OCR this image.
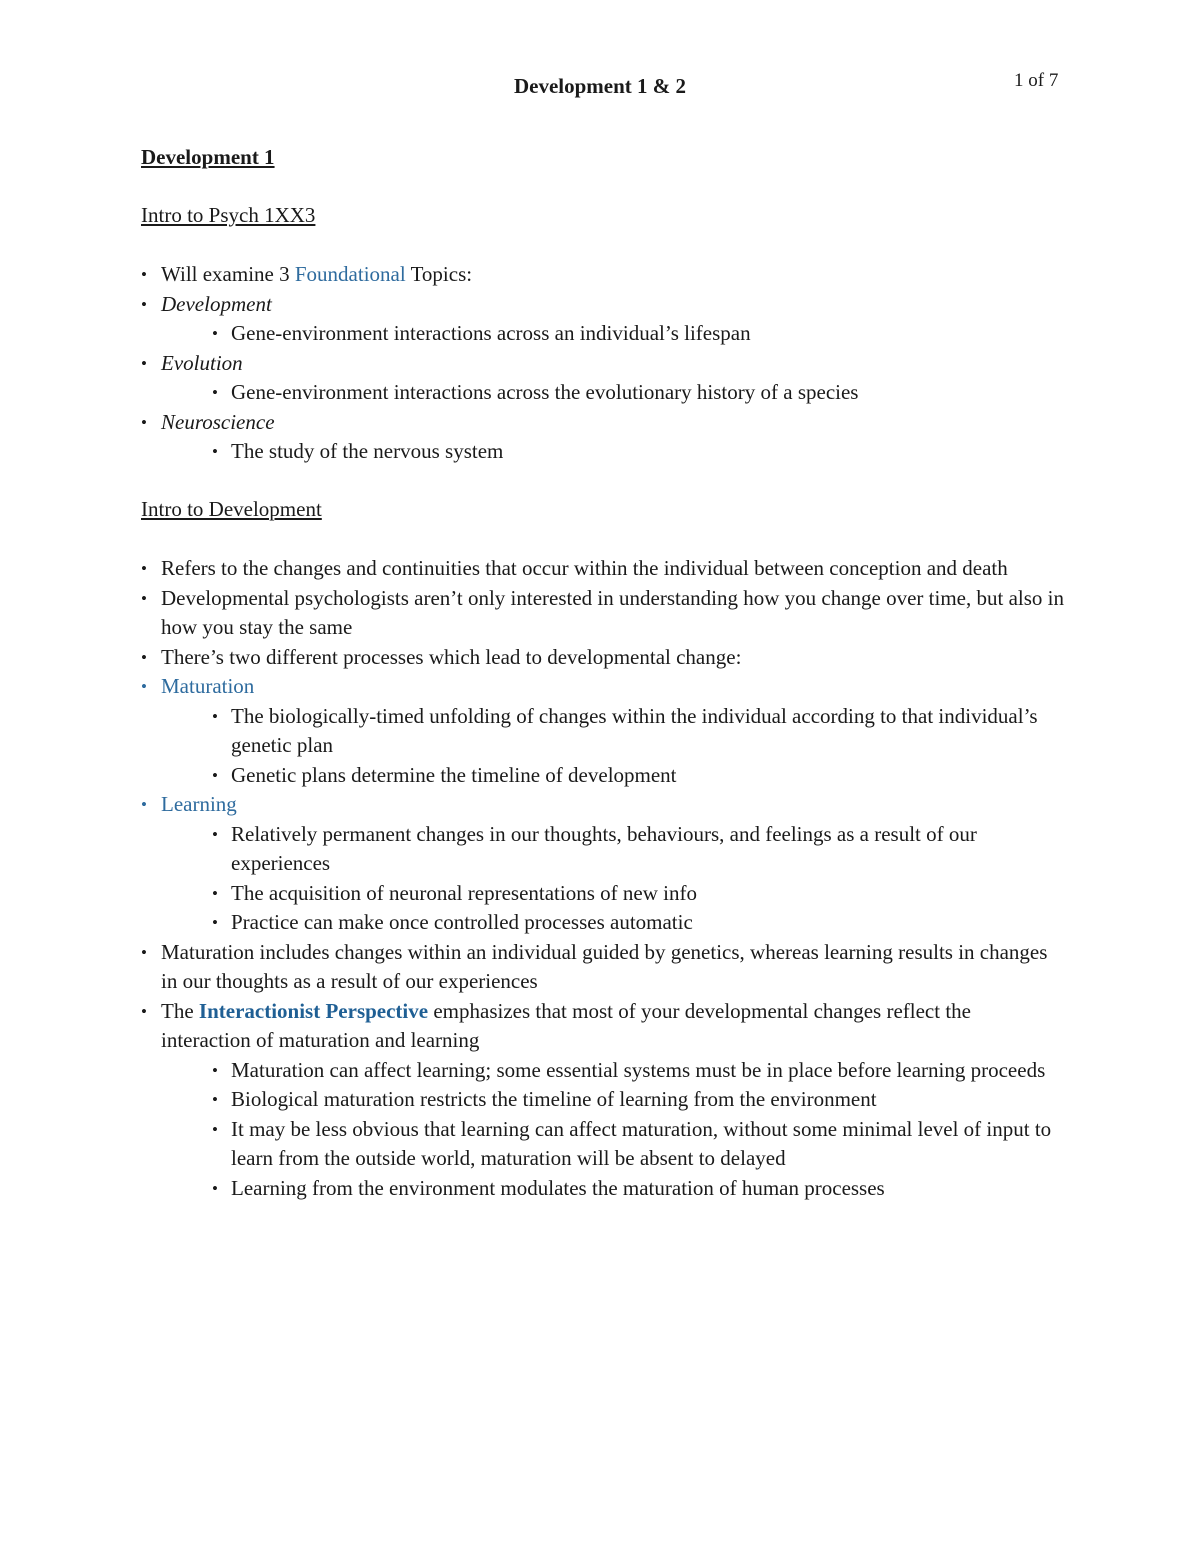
Development 1 & 2	1 of 7
Development 1
Intro to Psych 1XX3
• Will examine 3 Foundational Topics:
• Development
• Gene-environment interactions across an individual’s lifespan
• Evolution
• Gene-environment interactions across the evolutionary history of a species
• Neuroscience
• The study of the nervous system
Intro to Development
• Refers to the changes and continuities that occur within the individual between conception and death
• Developmental psychologists aren’t only interested in understanding how you change over time, but also in how you stay the same
• There’s two different processes which lead to developmental change:
• Maturation
• The biologically-timed unfolding of changes within the individual according to that individual’s genetic plan
• Genetic plans determine the timeline of development
• Learning
• Relatively permanent changes in our thoughts, behaviours, and feelings as a result of our experiences
• The acquisition of neuronal representations of new info
• Practice can make once controlled processes automatic
• Maturation includes changes within an individual guided by genetics, whereas learning results in changes in our thoughts as a result of our experiences
• The Interactionist Perspective emphasizes that most of your developmental changes reflect the interaction of maturation and learning
• Maturation can affect learning; some essential systems must be in place before learning proceeds
• Biological maturation restricts the timeline of learning from the environment
• It may be less obvious that learning can affect maturation, without some minimal level of input to learn from the outside world, maturation will be absent to delayed
• Learning from the environment modulates the maturation of human processes
